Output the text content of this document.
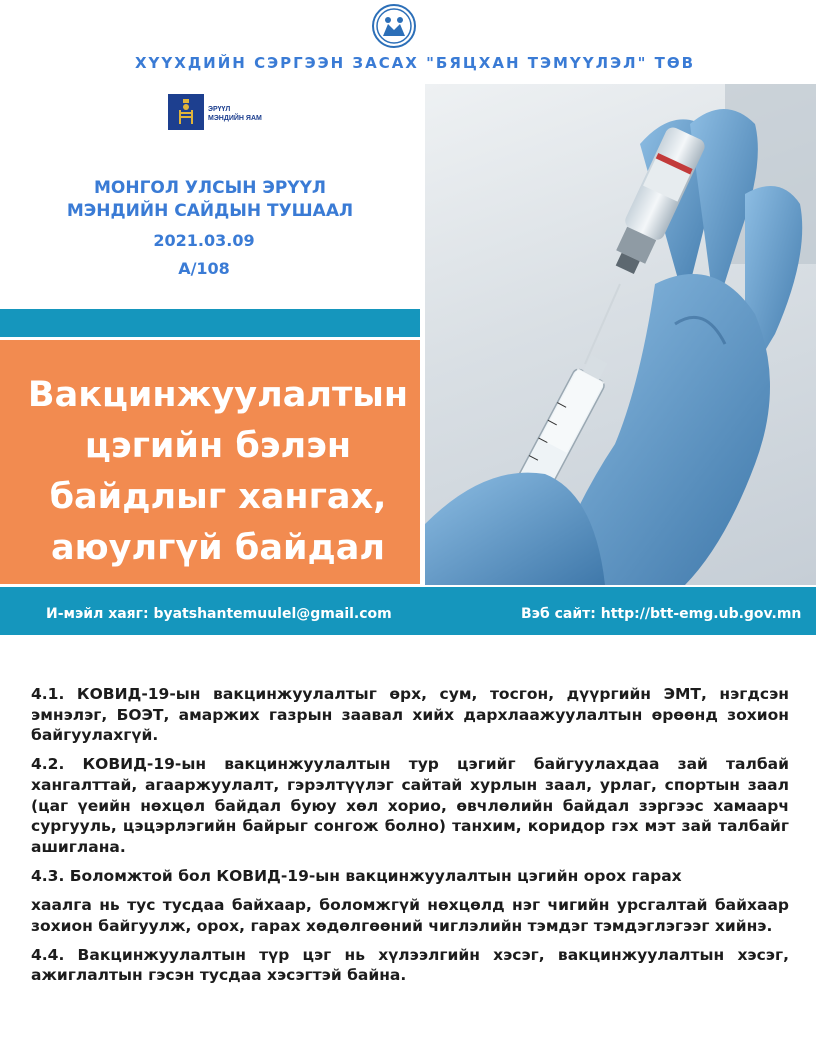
ХҮҮХДИЙН СЭРГЭЭН ЗАСАХ "БЯЦХАН ТЭМҮҮЛЭЛ" ТӨВ
ЭРҮҮЛ
МЭНДИЙН ЯАМ
МОНГОЛ УЛСЫН ЭРҮҮЛ
МЭНДИЙН САЙДЫН ТУШААЛ
2021.03.09
А/108
Вакцинжуулалтын
цэгийн бэлэн
байдлыг хангах,
аюулгүй байдал
И-мэйл хаяг: byatshantemuulel@gmail.com	Вэб сайт: http://btt-emg.ub.gov.mn

4.1. КОВИД-19-ын вакцинжуулалтыг өрх, сум, тосгон, дүүргийн ЭМТ, нэгдсэн эмнэлэг, БОЭТ, амаржих газрын заавал хийх дархлаажуулалтын өрөөнд зохион байгуулахгүй.

4.2. КОВИД-19-ын вакцинжуулалтын тур цэгийг байгуулахдаа зай талбай хангалттай, агааржуулалт, гэрэлтүүлэг сайтай хурлын заал, урлаг, спортын заал (цаг үеийн нөхцөл байдал буюу хөл хорио, өвчлөлийн байдал зэргээс хамаарч сургууль, цэцэрлэгийн байрыг сонгож болно) танхим, коридор гэх мэт зай талбайг ашиглана.

4.3. Боломжтой бол КОВИД-19-ын вакцинжуулалтын цэгийн орох гарах

хаалга нь тус тусдаа байхаар, боломжгүй нөхцөлд нэг чигийн урсгалтай байхаар зохион байгуулж, орох, гарах хөдөлгөөний чиглэлийн тэмдэг тэмдэглэгээг хийнэ.

4.4. Вакцинжуулалтын түр цэг нь хүлээлгийн хэсэг, вакцинжуулалтын хэсэг, ажиглалтын гэсэн тусдаа хэсэгтэй байна.
